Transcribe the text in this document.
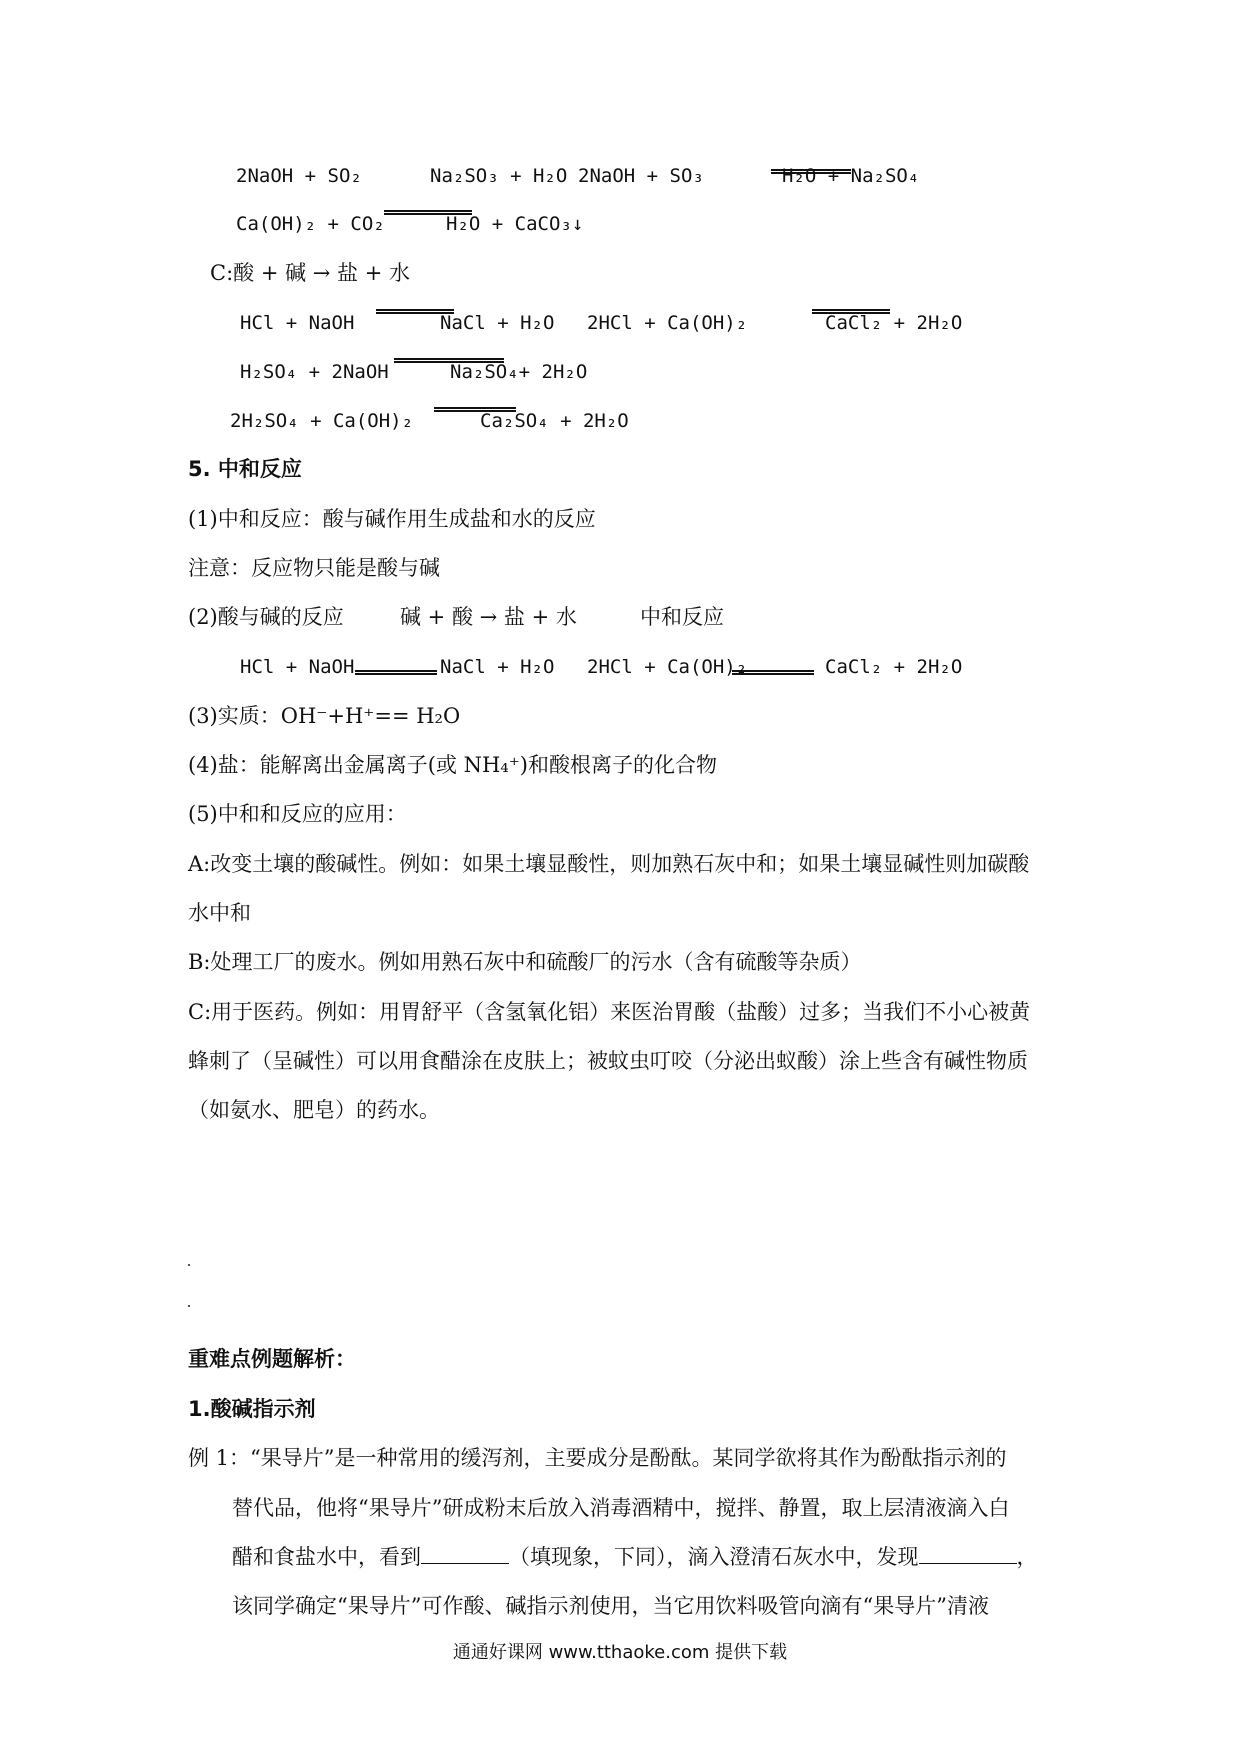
2NaOH + SO₂	Na₂SO₃ + H₂O 2NaOH + SO₃	H₂O + Na₂SO₄
Ca(OH)₂ + CO₂	H₂O + CaCO₃↓
C:酸 + 碱 → 盐 + 水
HCl + NaOH	NaCl + H₂O 2HCl + Ca(OH)₂	CaCl₂ + 2H₂O
H₂SO₄ + 2NaOH	Na₂SO₄+ 2H₂O
2H₂SO₄ + Ca(OH)₂	Ca₂SO₄ + 2H₂O
5. 中和反应
(1)中和反应：酸与碱作用生成盐和水的反应
注意：反应物只能是酸与碱
(2)酸与碱的反应	碱 + 酸 → 盐 + 水	中和反应
HCl + NaOH	NaCl + H₂O 2HCl + Ca(OH)₂	CaCl₂ + 2H₂O
(3)实质：OH⁻+H⁺== H₂O
(4)盐：能解离出金属离子(或 NH₄⁺)和酸根离子的化合物
(5)中和和反应的应用：
A:改变土壤的酸碱性。例如：如果土壤显酸性，则加熟石灰中和；如果土壤显碱性则加碳酸
水中和
B:处理工厂的废水。例如用熟石灰中和硫酸厂的污水（含有硫酸等杂质）
C:用于医药。例如：用胃舒平（含氢氧化铝）来医治胃酸（盐酸）过多；当我们不小心被黄
蜂刺了（呈碱性）可以用食醋涂在皮肤上；被蚊虫叮咬（分泌出蚁酸）涂上些含有碱性物质
（如氨水、肥皂）的药水。
重难点例题解析：
1.酸碱指示剂
例 1：“果导片”是一种常用的缓泻剂，主要成分是酚酞。某同学欲将其作为酚酞指示剂的
替代品，他将“果导片”研成粉末后放入消毒酒精中，搅拌、静置，取上层清液滴入白
醋和食盐水中，看到	（填现象，下同），滴入澄清石灰水中，发现	，
该同学确定“果导片”可作酸、碱指示剂使用，当它用饮料吸管向滴有“果导片”清液
通通好课网 www.tthaoke.com 提供下载
